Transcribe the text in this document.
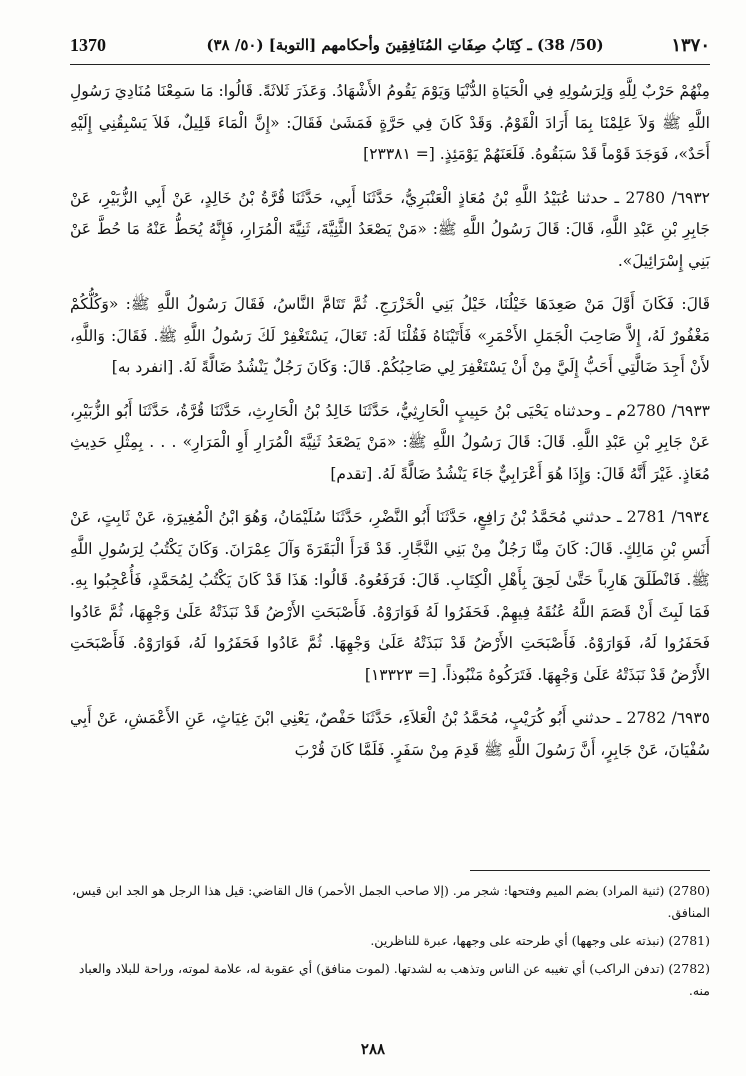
1370	(50/ 38) ـ كِتَابُ صِفَاتِ المُنَافِقِينَ وأحكامهم [التوبة] (٥٠/ ٣٨)	١٣٧٠

مِنْهُمْ حَرْبٌ لِلَّهِ وَلِرَسُولِهِ فِي الْحَيَاةِ الدُّنْيَا وَيَوْمَ يَقُومُ الأَشْهَادُ. وَعَذَرَ ثَلاثَةً. قَالُوا: مَا سَمِعْنَا مُنَادِيَ رَسُولِ اللَّهِ ﷺ وَلاَ عَلِمْنَا بِمَا أَرَادَ الْقَوْمُ. وَقَدْ كَانَ فِي حَرَّةٍ فَمَشَىٰ فَقَالَ: «إِنَّ الْمَاءَ قَلِيلٌ، فَلاَ يَسْبِقُنِي إِلَيْهِ أَحَدٌ»، فَوَجَدَ قَوْماً قَدْ سَبَقُوهُ. فَلَعَنَهُمْ يَوْمَئِذٍ. [= ٢٣٣٨١]

٦٩٣٢/ 2780 ـ حدثنا عُبَيْدُ اللَّهِ بْنُ مُعَاذٍ الْعَنْبَرِيُّ، حَدَّثَنَا أَبِي، حَدَّثَنَا قُرَّةُ بْنُ خَالِدٍ، عَنْ أَبِي الزُّبَيْرِ، عَنْ جَابِرِ بْنِ عَبْدِ اللَّهِ، قَالَ: قَالَ رَسُولُ اللَّهِ ﷺ: «مَنْ يَصْعَدُ الثَّنِيَّةَ، ثَنِيَّةَ الْمُرَارِ، فَإِنَّهُ يُحَطُّ عَنْهُ مَا حُطَّ عَنْ بَنِي إِسْرَائِيلَ».

قَالَ: فَكَانَ أَوَّلَ مَنْ صَعِدَهَا خَيْلُنَا، خَيْلُ بَنِي الْخَزْرَجِ. ثُمَّ تَتَامَّ النَّاسُ، فَقَالَ رَسُولُ اللَّهِ ﷺ: «وَكُلُّكُمْ مَغْفُورٌ لَهُ، إِلاَّ صَاحِبَ الْجَمَلِ الأَحْمَرِ» فَأَتَيْنَاهُ فَقُلْنَا لَهُ: تَعَالَ، يَسْتَغْفِرْ لَكَ رَسُولُ اللَّهِ ﷺ. فَقَالَ: وَاللَّهِ، لأَنْ أَجِدَ ضَالَّتِي أَحَبُّ إِلَيَّ مِنْ أَنْ يَسْتَغْفِرَ لِي صَاحِبُكُمْ. قَالَ: وَكَانَ رَجُلٌ يَنْشُدُ ضَالَّةً لَهُ. [انفرد به]

٦٩٣٣/ 2780م ـ وحدثناه يَحْيَى بْنُ حَبِيبٍ الْحَارِثِيُّ، حَدَّثَنَا خَالِدُ بْنُ الْحَارِثِ، حَدَّثَنَا قُرَّةُ، حَدَّثَنَا أَبُو الزُّبَيْرِ، عَنْ جَابِرِ بْنِ عَبْدِ اللَّهِ. قَالَ: قَالَ رَسُولُ اللَّهِ ﷺ: «مَنْ يَصْعَدُ ثَنِيَّةَ الْمُرَارِ أَوِ الْمَرَارِ» . . . بِمِثْلِ حَدِيثِ مُعَاذٍ. غَيْرَ أَنَّهُ قَالَ: وَإِذَا هُوَ أَعْرَابِيٌّ جَاءَ يَنْشُدُ ضَالَّةً لَهُ. [تقدم]

٦٩٣٤/ 2781 ـ حدثني مُحَمَّدُ بْنُ رَافِعٍ، حَدَّثَنَا أَبُو النَّضْرِ، حَدَّثَنَا سُلَيْمَانُ، وَهُوَ ابْنُ الْمُغِيرَةِ، عَنْ ثَابِتٍ، عَنْ أَنَسِ بْنِ مَالِكٍ. قَالَ: كَانَ مِنَّا رَجُلٌ مِنْ بَنِي النَّجَّارِ. قَدْ قَرَأَ الْبَقَرَةَ وَآلَ عِمْرَانَ. وَكَانَ يَكْتُبُ لِرَسُولِ اللَّهِ ﷺ. فَانْطَلَقَ هَارِباً حَتَّىٰ لَحِقَ بِأَهْلِ الْكِتَابِ. قَالَ: فَرَفَعُوهُ. قَالُوا: هَذَا قَدْ كَانَ يَكْتُبُ لِمُحَمَّدٍ، فَأُعْجِبُوا بِهِ. فَمَا لَبِثَ أَنْ قَصَمَ اللَّهُ عُنُقَهُ فِيهِمْ. فَحَفَرُوا لَهُ فَوَارَوْهُ. فَأَصْبَحَتِ الأَرْضُ قَدْ نَبَذَتْهُ عَلَىٰ وَجْهِهَا، ثُمَّ عَادُوا فَحَفَرُوا لَهُ، فَوَارَوْهُ. فَأَصْبَحَتِ الأَرْضُ قَدْ نَبَذَتْهُ عَلَىٰ وَجْهِهَا. ثُمَّ عَادُوا فَحَفَرُوا لَهُ، فَوَارَوْهُ. فَأَصْبَحَتِ الأَرْضُ قَدْ نَبَذَتْهُ عَلَىٰ وَجْهِهَا. فَتَرَكُوهُ مَنْبُوذاً. [= ١٣٣٢٣]

٦٩٣٥/ 2782 ـ حدثني أَبُو كُرَيْبٍ، مُحَمَّدُ بْنُ الْعَلاَءِ، حَدَّثَنَا حَفْصٌ، يَعْنِي ابْنَ غِيَاثٍ، عَنِ الأَعْمَشِ، عَنْ أَبِي سُفْيَانَ، عَنْ جَابِرٍ، أَنَّ رَسُولَ اللَّهِ ﷺ قَدِمَ مِنْ سَفَرٍ. فَلَمَّا كَانَ قُرْبَ

(2780) (ثنية المراد) بضم الميم وفتحها: شجر مر. (إلا صاحب الجمل الأحمر) قال القاضي: قيل هذا الرجل هو الجد ابن قيس، المنافق.

(2781) (نبذته على وجهها) أي طرحته على وجهها، عبرة للناظرين.

(2782) (تدفن الراكب) أي تغيبه عن الناس وتذهب به لشدتها. (لموت منافق) أي عقوبة له، علامة لموته، وراحة للبلاد والعباد منه.

٢٨٨
